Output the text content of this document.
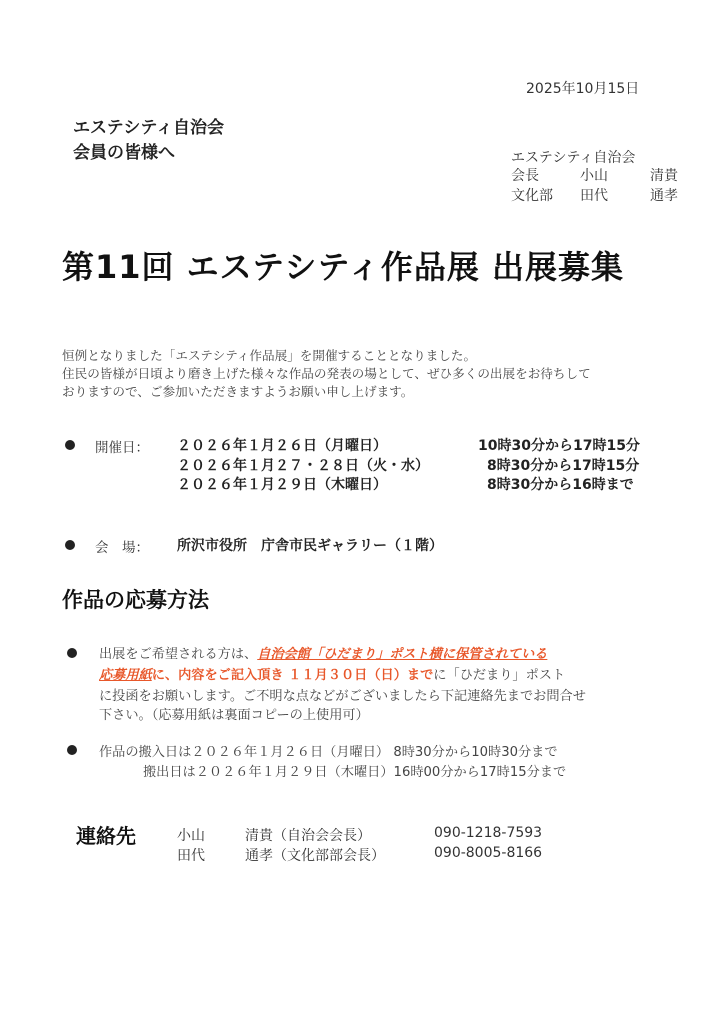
2025年10月15日
エステシティ自治会
会員の皆様へ	エステシティ自治会
会長	小山	清貴
文化部 田代	通孝
第11回 エステシティ作品展 出展募集
恒例となりました「エステシティ作品展」を開催することとなりました。
住民の皆様が日頃より磨き上げた様々な作品の発表の場として、ぜひ多くの出展をお待ちして
おりますので、ご参加いただきますようお願い申し上げます。
開催日： ２０２６年１月２６日（月曜日）	10時30分から17時15分
２０２６年１月２７・２８日（火・水）	8時30分から17時15分
２０２６年１月２９日（木曜日）	8時30分から16時まで
会　場： 所沢市役所　庁舎市民ギャラリー（１階）
作品の応募方法
出展をご希望される方は、自治会館「ひだまり」ポスト横に保管されている
応募用紙に、内容をご記入頂き １１月３０日（日）までに「ひだまり」ポスト
に投函をお願いします。ご不明な点などがございましたら下記連絡先までお問合せ
下さい。（応募用紙は裏面コピーの上使用可）
作品の搬入日は２０２６年１月２６日（月曜日） 8時30分から10時30分まで
搬出日は２０２６年１月２９日（木曜日）16時00分から17時15分まで
連絡先	小山	清貴（自治会会長）	090-1218-7593
田代	通孝（文化部部会長）	090-8005-8166
